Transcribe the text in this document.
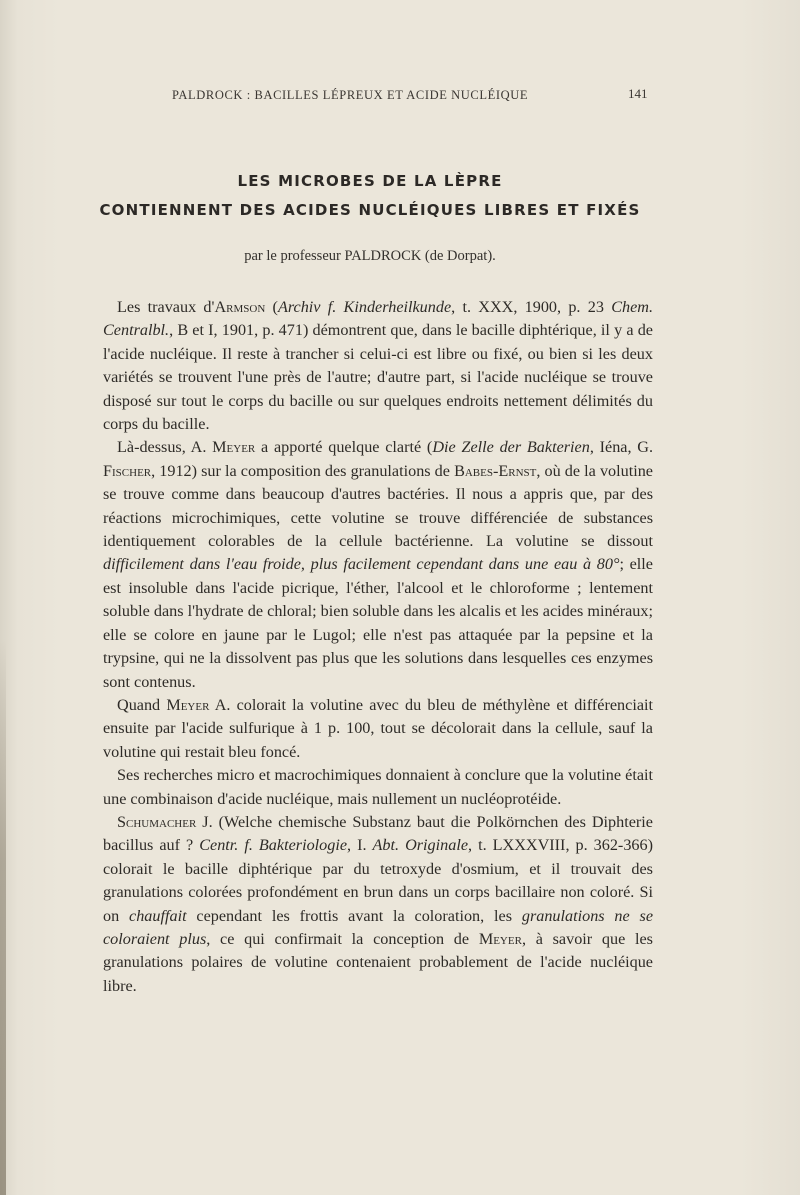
PALDROCK : BACILLES LÉPREUX ET ACIDE NUCLÉIQUE	141
LES MICROBES DE LA LÈPRE
CONTIENNENT DES ACIDES NUCLÉIQUES LIBRES ET FIXÉS
par le professeur PALDROCK (de Dorpat).

Les travaux d'Armson (Archiv f. Kinderheilkunde, t. XXX, 1900, p. 23 Chem. Centralbl., B et I, 1901, p. 471) démontrent que, dans le bacille diphtérique, il y a de l'acide nucléique. Il reste à trancher si celui-ci est libre ou fixé, ou bien si les deux variétés se trouvent l'une près de l'autre; d'autre part, si l'acide nucléique se trouve disposé sur tout le corps du bacille ou sur quelques endroits nettement délimités du corps du bacille.

Là-dessus, A. Meyer a apporté quelque clarté (Die Zelle der Bakterien, Iéna, G. Fischer, 1912) sur la composition des granulations de Babes-Ernst, où de la volutine se trouve comme dans beaucoup d'autres bactéries. Il nous a appris que, par des réactions microchimiques, cette volutine se trouve différenciée de substances identiquement colorables de la cellule bactérienne. La volutine se dissout difficilement dans l'eau froide, plus facilement cependant dans une eau à 80°; elle est insoluble dans l'acide picrique, l'éther, l'alcool et le chloroforme ; lentement soluble dans l'hydrate de chloral; bien soluble dans les alcalis et les acides minéraux; elle se colore en jaune par le Lugol; elle n'est pas attaquée par la pepsine et la trypsine, qui ne la dissolvent pas plus que les solutions dans lesquelles ces enzymes sont contenus.

Quand Meyer A. colorait la volutine avec du bleu de méthylène et différenciait ensuite par l'acide sulfurique à 1 p. 100, tout se décolorait dans la cellule, sauf la volutine qui restait bleu foncé.

Ses recherches micro et macrochimiques donnaient à conclure que la volutine était une combinaison d'acide nucléique, mais nullement un nucléoprotéide.

Schumacher J. (Welche chemische Substanz baut die Polkörnchen des Diphterie bacillus auf ? Centr. f. Bakteriologie, I. Abt. Originale, t. LXXXVIII, p. 362-366) colorait le bacille diphtérique par du tetroxyde d'osmium, et il trouvait des granulations colorées profondément en brun dans un corps bacillaire non coloré. Si on chauffait cependant les frottis avant la coloration, les granulations ne se coloraient plus, ce qui confirmait la conception de Meyer, à savoir que les granulations polaires de volutine contenaient probablement de l'acide nucléique libre.
